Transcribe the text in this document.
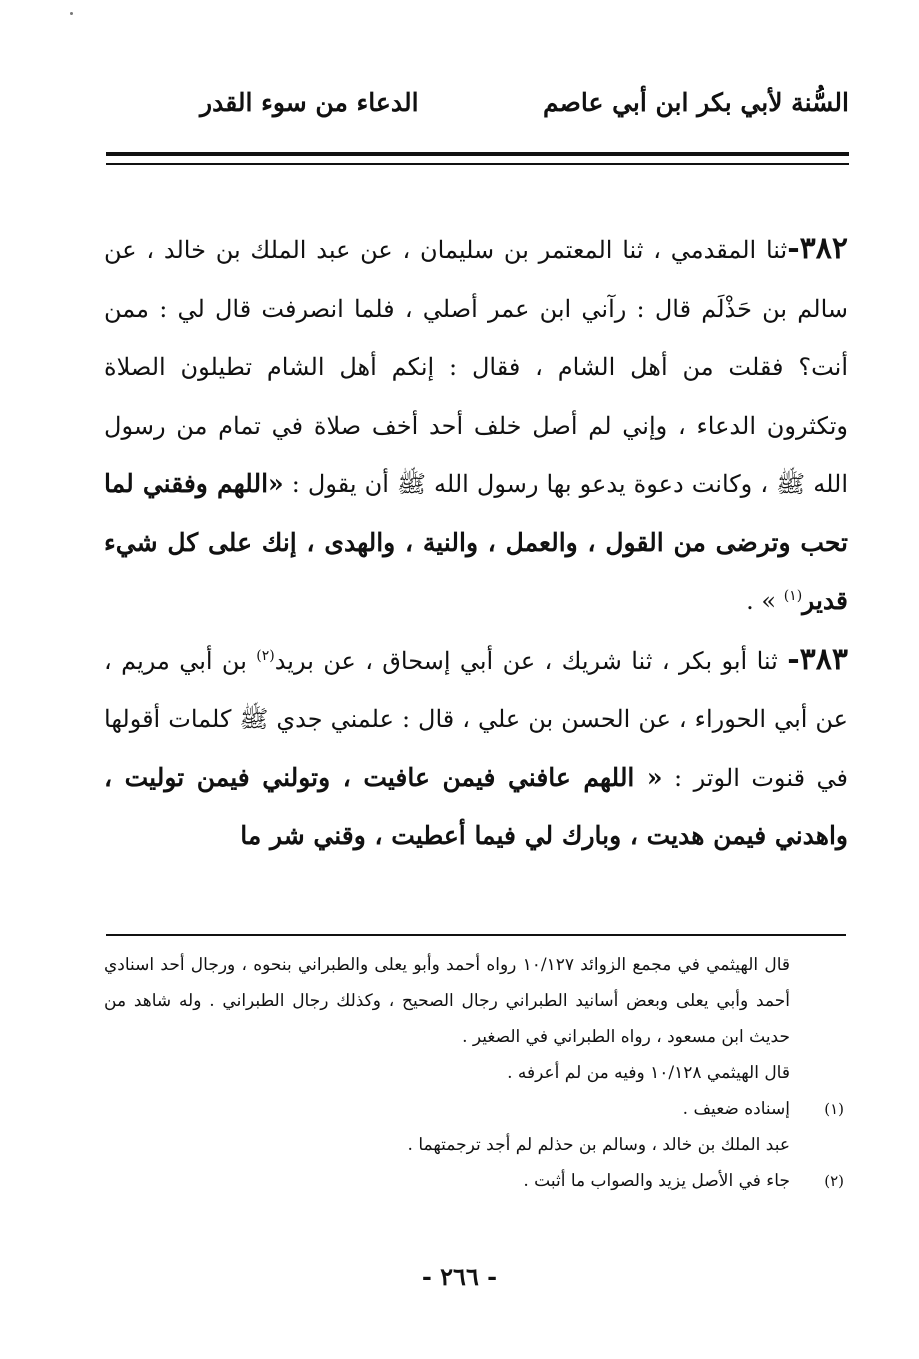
السُّنة لأبي بكر ابن أبي عاصم
الدعاء من سوء القدر

٣٨٢-ثنا المقدمي ، ثنا المعتمر بن سليمان ، عن عبد الملك بن خالد ، عن سالم بن حَذْلَم قال : رآني ابن عمر أصلي ، فلما انصرفت قال لي : ممن أنت؟ فقلت من أهل الشام ، فقال : إنكم أهل الشام تطيلون الصلاة وتكثرون الدعاء ، وإني لم أصل خلف أحد أخف صلاة في تمام من رسول الله ﷺ ، وكانت دعوة يدعو بها رسول الله ﷺ أن يقول : «اللهم وفقني لما تحب وترضى من القول ، والعمل ، والنية ، والهدى ، إنك على كل شيء قدير$^{(١)}$ » .

٣٨٣- ثنا أبو بكر ، ثنا شريك ، عن أبي إسحاق ، عن بريد$^{(٢)}$ بن أبي مريم ، عن أبي الحوراء ، عن الحسن بن علي ، قال : علمني جدي ﷺ كلمات أقولها في قنوت الوتر : « اللهم عافني فيمن عافيت ، وتولني فيمن توليت ، واهدني فيمن هديت ، وبارك لي فيما أعطيت ، وقني شر ما

قال الهيثمي في مجمع الزوائد ١٠/١٢٧ رواه أحمد وأبو يعلى والطبراني بنحوه ، ورجال أحد اسنادي أحمد وأبي يعلى وبعض أسانيد الطبراني رجال الصحيح ، وكذلك رجال الطبراني . وله شاهد من حديث ابن مسعود ، رواه الطبراني في الصغير .

قال الهيثمي ١٠/١٢٨ وفيه من لم أعرفه .

(١)
إسناده ضعيف .

عبد الملك بن خالد ، وسالم بن حذلم لم أجد ترجمتهما .

(٢)
جاء في الأصل يزيد والصواب ما أثبت .

- ٢٦٦ -
